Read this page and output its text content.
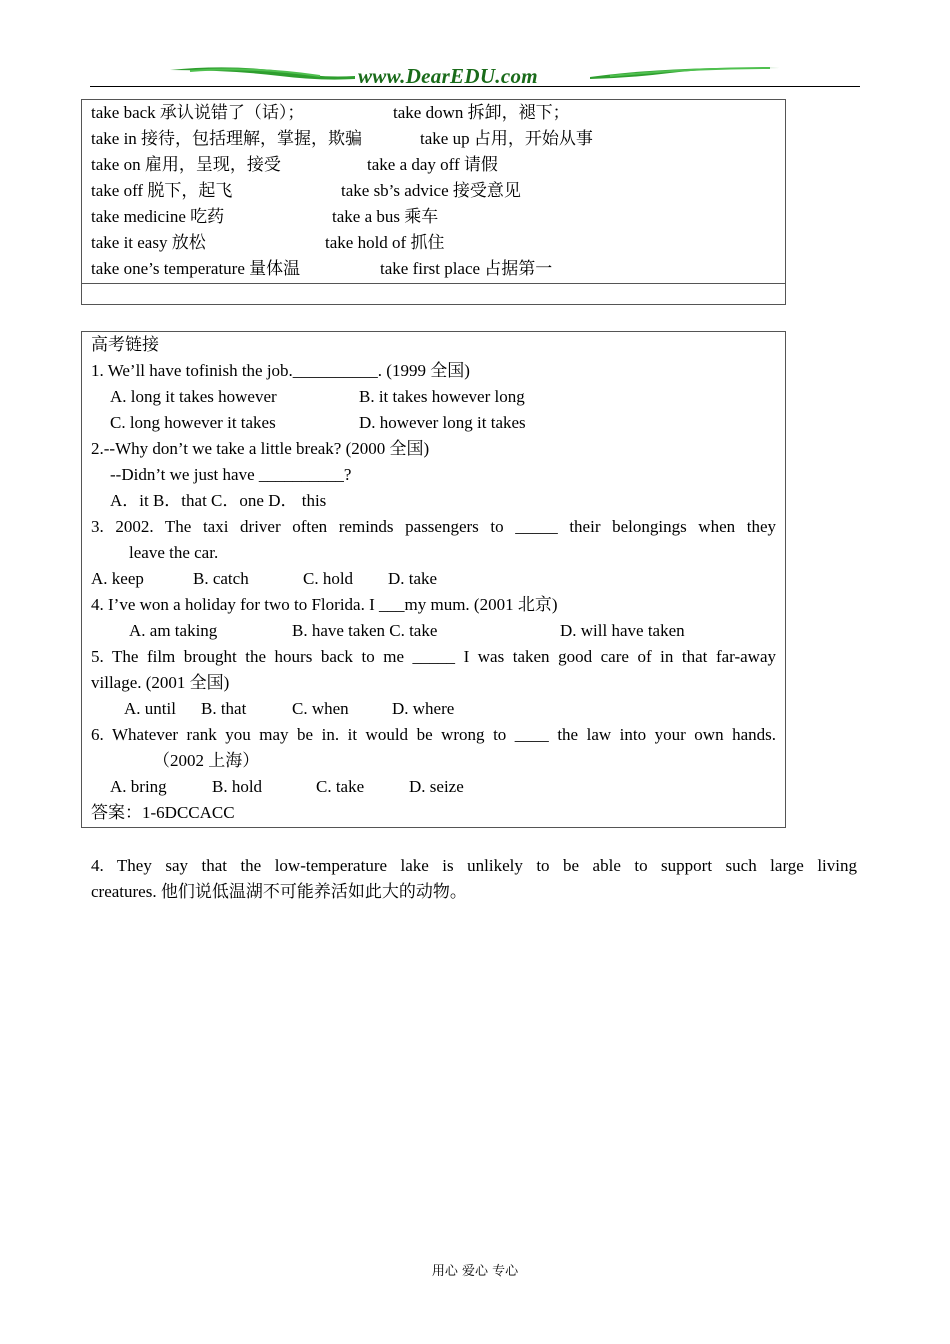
www.DearEDU.com
take back 承认说错了（话）；	take down 拆卸，褪下；
take in 接待，包括理解，掌握，欺骗	take up 占用，开始从事
take on 雇用，呈现，接受	take a day off 请假
take off 脱下，起飞	take sb’s advice 接受意见
take medicine 吃药	take a bus 乘车
take it easy 放松	take hold of 抓住
take one’s temperature 量体温	take first place 占据第一
高考链接
1. We’ll have tofinish the job.__________. (1999 全国)
A. long it takes however	B. it takes however long
C. long however it takes	D. however long it takes
2.--Why don’t we take a little break? (2000 全国)
--Didn’t we just have __________?
A．it B．that C．one D． this
3. 2002. The taxi driver often reminds passengers to _____ their belongings when they
leave the car.
A. keep	B. catch	C. hold D. take
4. I’ve won a holiday for two to Florida. I ___my mum. (2001 北京)
A. am taking	B. have taken C. take	D. will have taken
5. The film brought the hours back to me _____ I was taken good care of in that far-away
village. (2001 全国)
A. until B. that	C. when	D. where
6. Whatever rank you may be in. it would be wrong to ____ the law into your own hands.
（2002 上海）
A. bring	B. hold	C. take	D. seize
答案：1-6DCCACC
4. They say that the low-temperature lake is unlikely to be able to support such large living
creatures. 他们说低温湖不可能养活如此大的动物。
用心 爱心 专心
